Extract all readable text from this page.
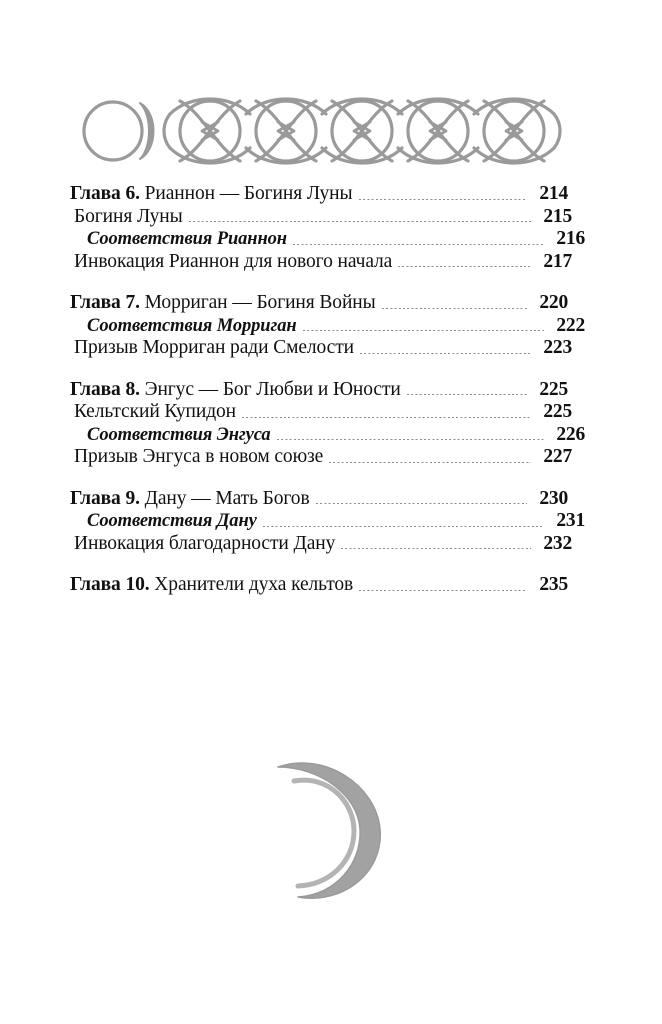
Глава 6. Рианнон — Богиня Луны	214
Богиня Луны	215
Соответствия Рианнон	216
Инвокация Рианнон для нового начала	217
Глава 7. Морриган — Богиня Войны	220
Соответствия Морриган	222
Призыв Морриган ради Смелости	223
Глава 8. Энгус — Бог Любви и Юности	225
Кельтский Купидон	225
Соответствия Энгуса	226
Призыв Энгуса в новом союзе	227
Глава 9. Дану — Мать Богов	230
Соответствия Дану	231
Инвокация благодарности Дану	232
Глава 10. Хранители духа кельтов	235
